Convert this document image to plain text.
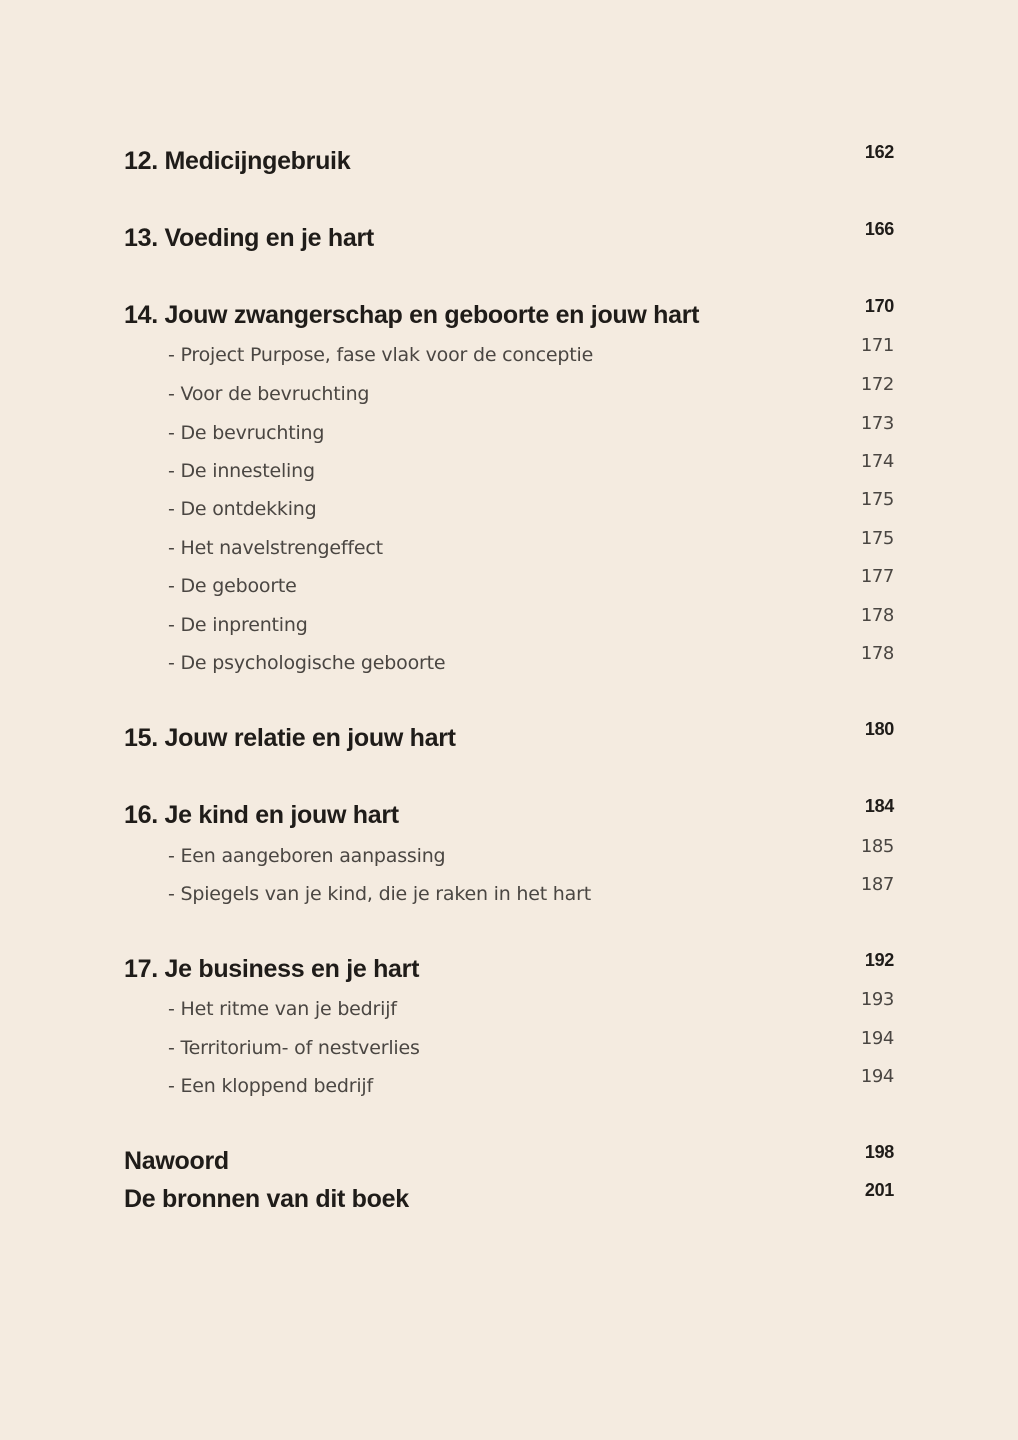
12. Medicijngebruik	162
13. Voeding en je hart	166
14. Jouw zwangerschap en geboorte en jouw hart	170
- Project Purpose, fase vlak voor de conceptie	171
- Voor de bevruchting	172
- De bevruchting	173
- De innesteling	174
- De ontdekking	175
- Het navelstrengeffect	175
- De geboorte	177
- De inprenting	178
- De psychologische geboorte	178
15. Jouw relatie en jouw hart	180
16. Je kind en jouw hart	184
- Een aangeboren aanpassing	185
- Spiegels van je kind, die je raken in het hart	187
17. Je business en je hart	192
- Het ritme van je bedrijf	193
- Territorium- of nestverlies	194
- Een kloppend bedrijf	194
Nawoord	198
De bronnen van dit boek	201
